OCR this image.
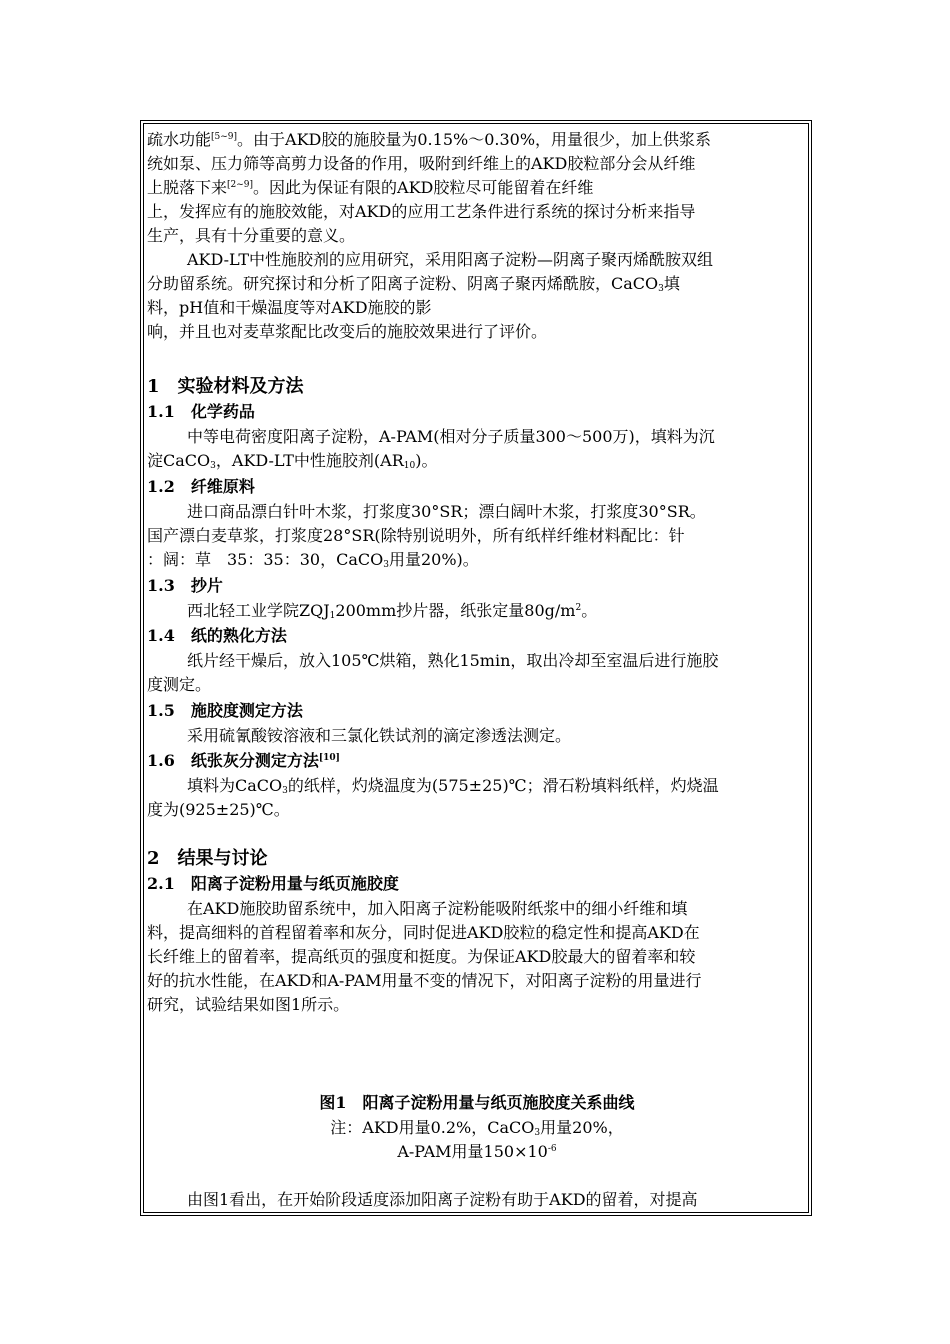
疏水功能[5~9]。由于AKD胶的施胶量为0.15%～0.30%，用量很少，加上供浆系
统如泵、压力筛等高剪力设备的作用，吸附到纤维上的AKD胶粒部分会从纤维
上脱落下来[2~9]。因此为保证有限的AKD胶粒尽可能留着在纤维
上，发挥应有的施胶效能，对AKD的应用工艺条件进行系统的探讨分析来指导
生产，具有十分重要的意义。
AKD-LT中性施胶剂的应用研究，采用阳离子淀粉—阴离子聚丙烯酰胺双组
分助留系统。研究探讨和分析了阳离子淀粉、阴离子聚丙烯酰胺，CaCO$_3$填
料，pH值和干燥温度等对AKD施胶的影
响，并且也对麦草浆配比改变后的施胶效果进行了评价。
1　实验材料及方法
1.1　化学药品
中等电荷密度阳离子淀粉，A-PAM(相对分子质量300～500万)，填料为沉
淀CaCO$_3$，AKD-LT中性施胶剂$(AR_{10})$。
1.2　纤维原料
进口商品漂白针叶木浆，打浆度30°SR；漂白阔叶木浆，打浆度30°SR。
国产漂白麦草浆，打浆度28°SR(除特别说明外，所有纸样纤维材料配比：针
：阔：草　35：35：30，CaCO$_3$用量20%)。
1.3　抄片
西北轻工业学院$ZQJ_1200mm$抄片器，纸张定量$80g/m^2$。
1.4　纸的熟化方法
纸片经干燥后，放入105℃烘箱，熟化15min，取出冷却至室温后进行施胶
度测定。
1.5　施胶度测定方法
采用硫氰酸铵溶液和三氯化铁试剂的滴定渗透法测定。
1.6　纸张灰分测定方法[10]
填料为CaCO$_3$的纸样，灼烧温度为(575±25)℃；滑石粉填料纸样，灼烧温
度为(925±25)℃。
2　结果与讨论
2.1　阳离子淀粉用量与纸页施胶度
在AKD施胶助留系统中，加入阳离子淀粉能吸附纸浆中的细小纤维和填
料，提高细料的首程留着率和灰分，同时促进AKD胶粒的稳定性和提高AKD在
长纤维上的留着率，提高纸页的强度和挺度。为保证AKD胶最大的留着率和较
好的抗水性能，在AKD和A-PAM用量不变的情况下，对阳离子淀粉的用量进行
研究，试验结果如图1所示。
图1　阳离子淀粉用量与纸页施胶度关系曲线
注：AKD用量0.2%，CaCO$_3$用量20%，
A-PAM用量$150\times 10^{-6}$
由图1看出，在开始阶段适度添加阳离子淀粉有助于AKD的留着，对提高
